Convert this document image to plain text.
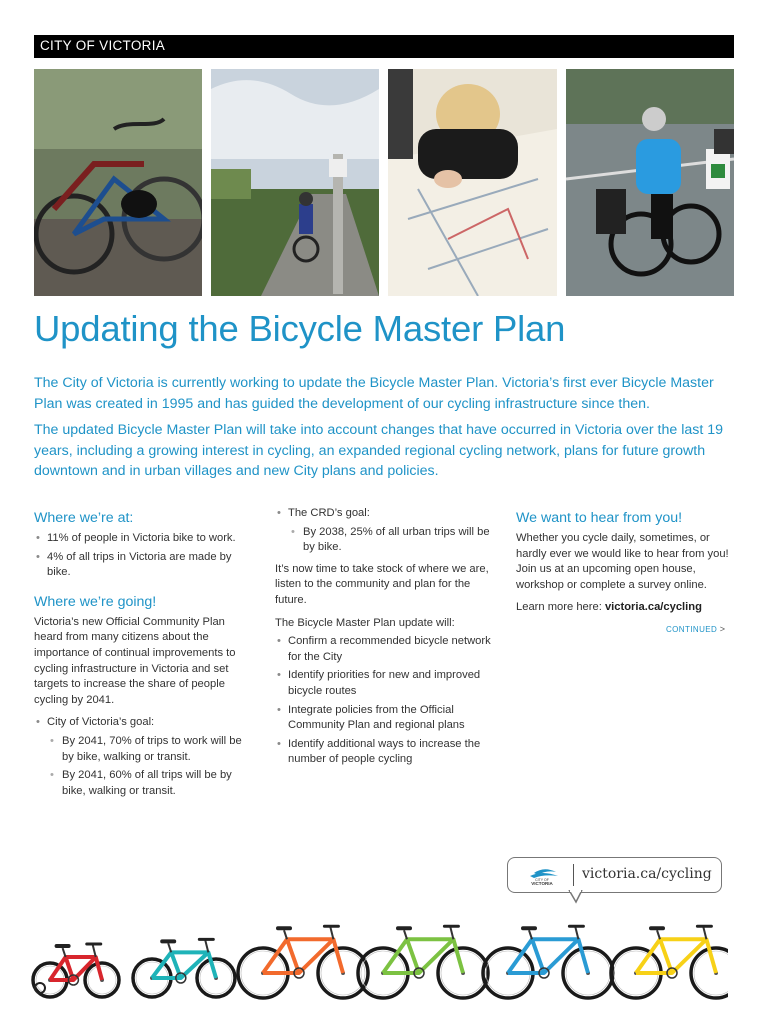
CITY OF VICTORIA
Updating the Bicycle Master Plan

The City of Victoria is currently working to update the Bicycle Master Plan. Victoria’s first ever Bicycle Master Plan was created in 1995 and has guided the development of our cycling infrastructure since then.

The updated Bicycle Master Plan will take into account changes that have occurred in Victoria over the last 19 years, including a growing interest in cycling, an expanded regional cycling network, plans for future growth downtown and in urban villages and new City plans and policies.

Where we’re at:
• 11% of people in Victoria bike to work.
• 4% of all trips in Victoria are made by bike.
Where we’re going!

Victoria’s new Official Community Plan heard from many citizens about the importance of continual improvements to cycling infrastructure in Victoria and set targets to increase the share of people cycling by 2041.

• City of Victoria’s goal:
• By 2041, 70% of trips to work will be by bike, walking or transit.
• By 2041, 60% of all trips will be by bike, walking or transit.
• The CRD’s goal:
• By 2038, 25% of all urban trips will be by bike.

It’s now time to take stock of where we are, listen to the community and plan for the future.

The Bicycle Master Plan update will:

• Confirm a recommended bicycle network for the City
• Identify priorities for new and improved bicycle routes
• Integrate policies from the Official Community Plan and regional plans
• Identify additional ways to increase the number of people cycling
We want to hear from you!

Whether you cycle daily, sometimes, or hardly ever we would like to hear from you! Join us at an upcoming open house, workshop or complete a survey online.

Learn more here: victoria.ca/cycling

CONTINUED >
CITY OF
VICTORIA
victoria.ca/cycling
